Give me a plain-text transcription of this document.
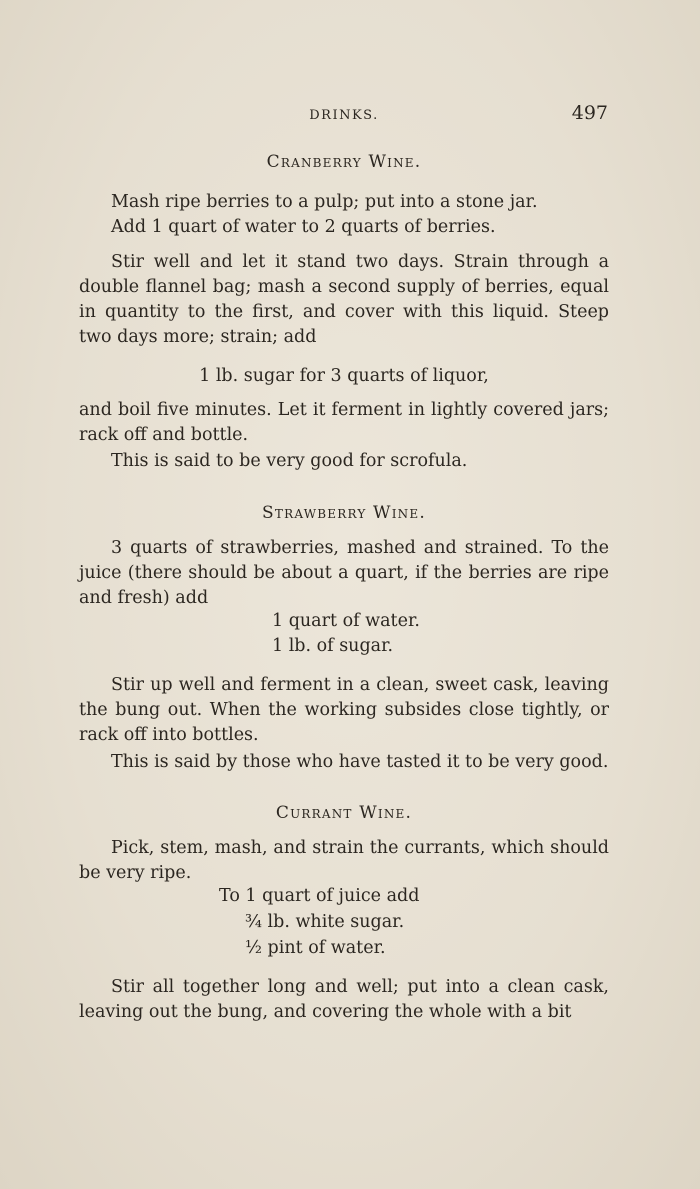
DRINKS.	497
Cranberry Wine.
Mash ripe berries to a pulp; put into a stone jar.
Add 1 quart of water to 2 quarts of berries.
Stir well and let it stand two days. Strain through a double flannel bag; mash a second supply of berries, equal in quantity to the first, and cover with this liquid. Steep two days more; strain; add
1 lb. sugar for 3 quarts of liquor,
and boil five minutes. Let it ferment in lightly covered jars; rack off and bottle.
This is said to be very good for scrofula.
Strawberry Wine.
3 quarts of strawberries, mashed and strained. To the juice (there should be about a quart, if the berries are ripe and fresh) add
1 quart of water.
1 lb. of sugar.
Stir up well and ferment in a clean, sweet cask, leaving the bung out. When the working subsides close tightly, or rack off into bottles.
This is said by those who have tasted it to be very good.
Currant Wine.
Pick, stem, mash, and strain the currants, which should be very ripe.
To 1 quart of juice add
¾ lb. white sugar.
½ pint of water.
Stir all together long and well; put into a clean cask, leaving out the bung, and covering the whole with a bit
